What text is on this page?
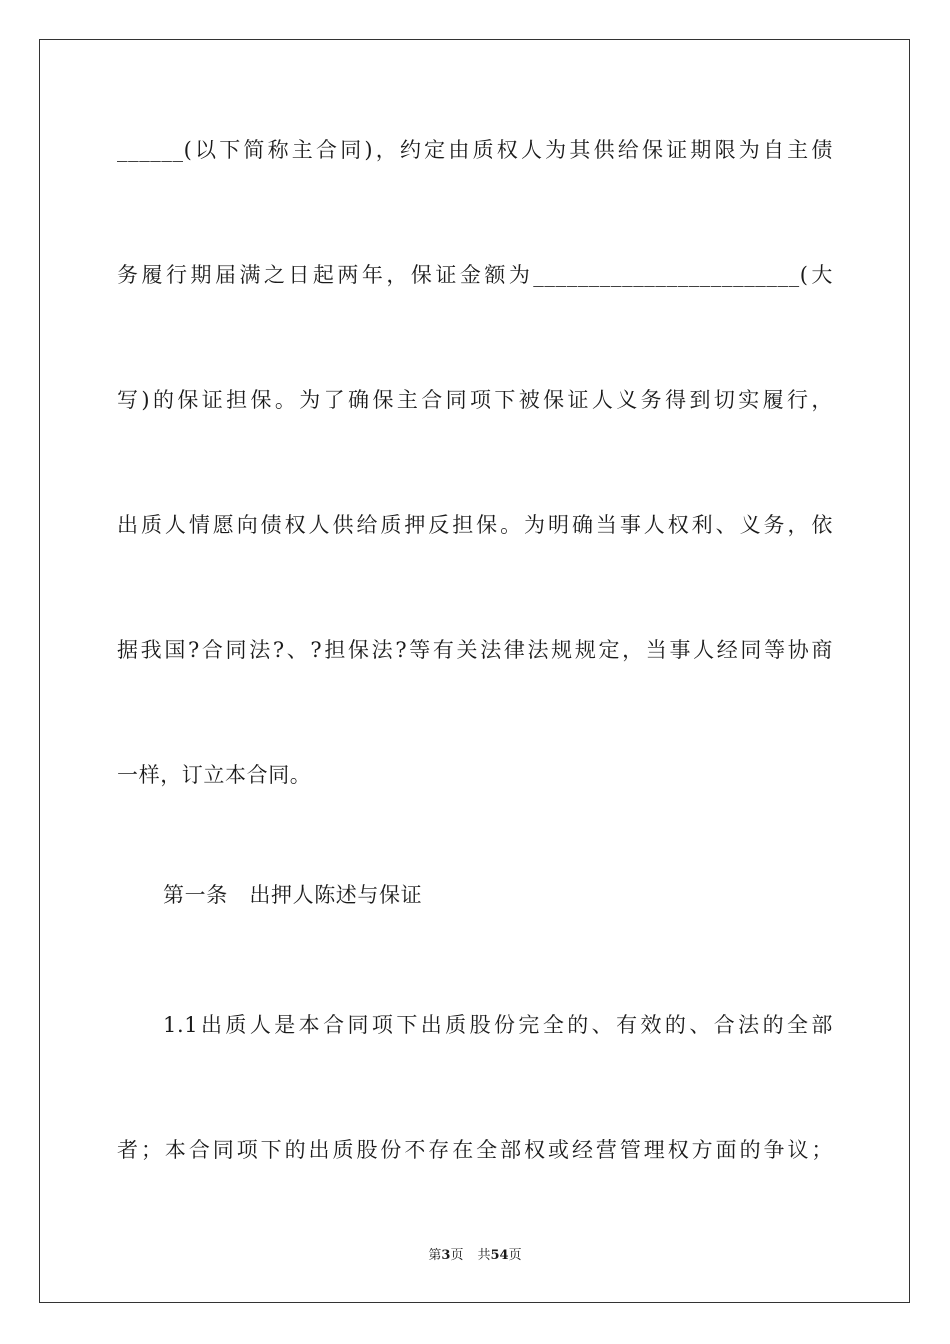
______(以下简称主合同)，约定由质权人为其供给保证期限为自主债
务履行期届满之日起两年，保证金额为________________________(大
写)的保证担保。为了确保主合同项下被保证人义务得到切实履行，
出质人情愿向债权人供给质押反担保。为明确当事人权利、义务，依
据我国?合同法?、?担保法?等有关法律法规规定，当事人经同等协商
一样，订立本合同。
第一条　出押人陈述与保证
1.1出质人是本合同项下出质股份完全的、有效的、合法的全部
者；本合同项下的出质股份不存在全部权或经营管理权方面的争议；
第3页 共54页
